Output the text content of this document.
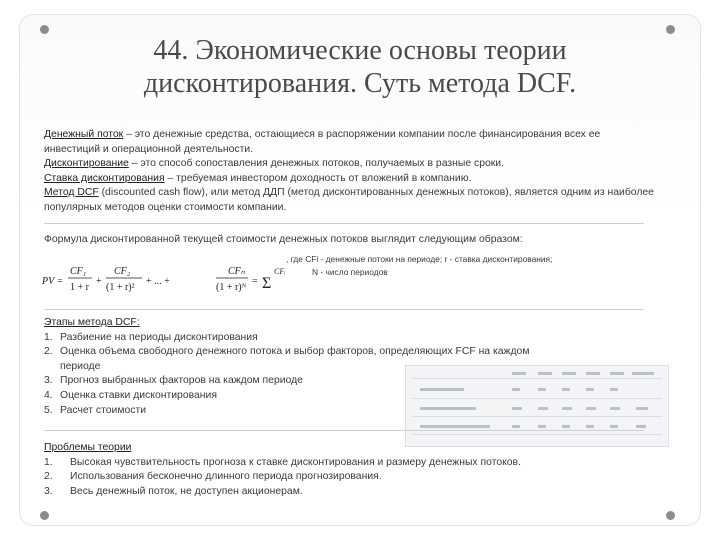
44. Экономические основы теории
дисконтирования. Суть метода DCF.

Денежный поток – это денежные средства, остающиеся в распоряжении компании после финансирования всех ее инвестиций и операционной деятельности.

Дисконтирование – это способ сопоставления денежных потоков, получаемых в разные сроки.

Ставка дисконтирования – требуемая инвестором доходность от вложений в компанию.

Метод DCF (discounted cash flow), или метод ДДП (метод дисконтированных денежных потоков), является одним из наиболее популярных методов оценки стоимости компании.

Формула дисконтированной текущей стоимости денежных потоков выглядит следующим образом:

PV =
CF₁
1 + r
+
CF₂
(1 + r)²
+ ... +
CFₙ
(1 + r)ᴺ
= Σ
CFᵢ
, где CFi - денежные потоки на периоде; r - ставка дисконтирования;
N - число периодов

Этапы метода DCF:

1. Разбиение на периоды дисконтирования
2. Оценка объема свободного денежного потока и выбор факторов, определяющих FCF на каждом
периоде
3. Прогноз выбранных факторов на каждом периоде
4. Оценка ставки дисконтирования
5. Расчет стоимости

Проблемы теории

1. Высокая чувствительность прогноза к ставке дисконтирования и размеру денежных потоков.
2. Использования бесконечно длинного периода прогнозирования.
3. Весь денежный поток, не доступен акционерам.
